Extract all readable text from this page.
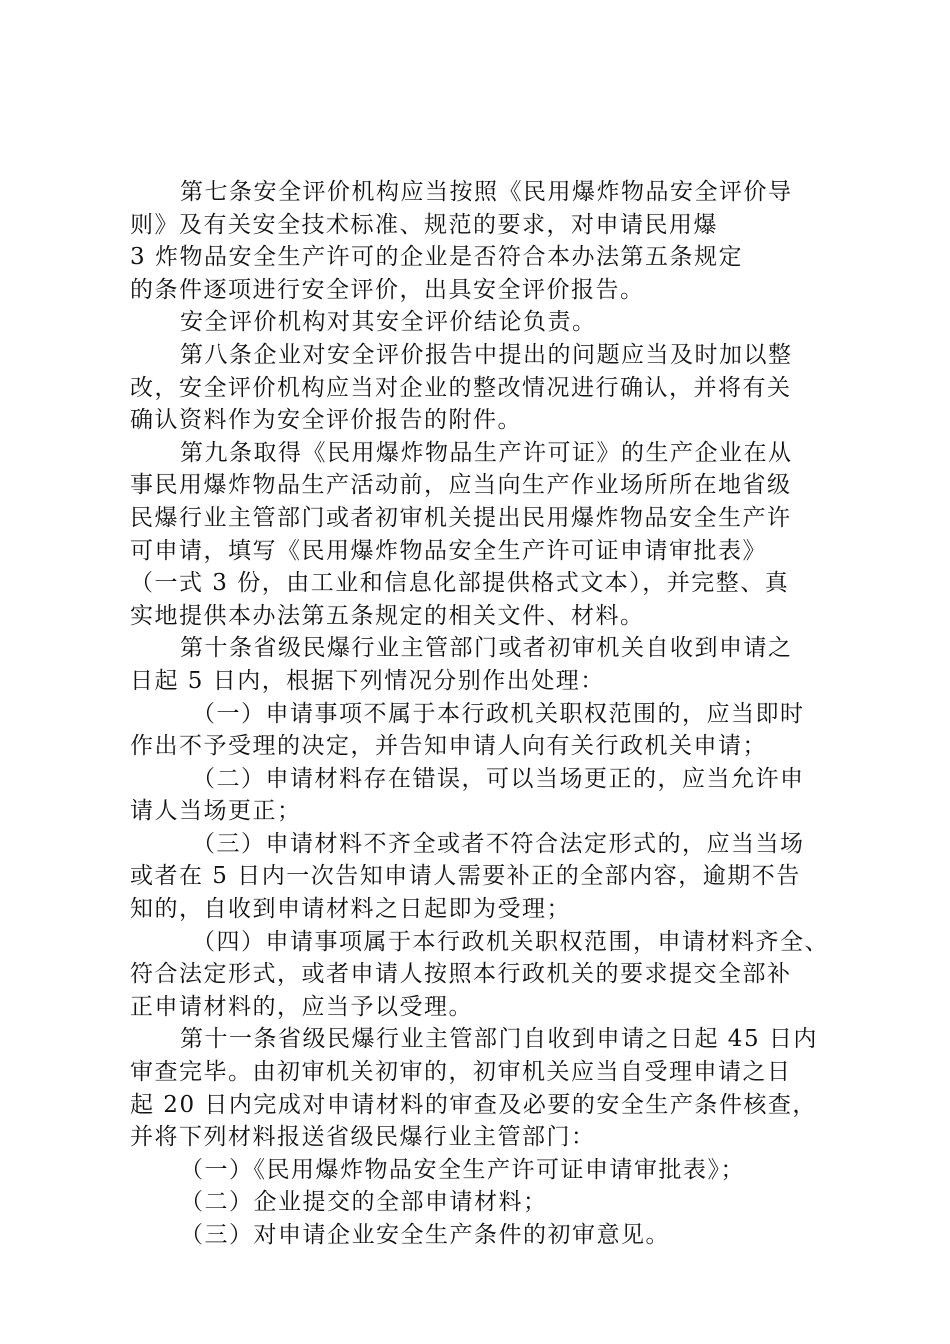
第七条安全评价机构应当按照《民用爆炸物品安全评价导
则》及有关安全技术标准、规范的要求，对申请民用爆
3 炸物品安全生产许可的企业是否符合本办法第五条规定
的条件逐项进行安全评价，出具安全评价报告。
安全评价机构对其安全评价结论负责。
第八条企业对安全评价报告中提出的问题应当及时加以整
改，安全评价机构应当对企业的整改情况进行确认，并将有关
确认资料作为安全评价报告的附件。
第九条取得《民用爆炸物品生产许可证》的生产企业在从
事民用爆炸物品生产活动前，应当向生产作业场所所在地省级
民爆行业主管部门或者初审机关提出民用爆炸物品安全生产许
可申请，填写《民用爆炸物品安全生产许可证申请审批表》
（一式 3 份，由工业和信息化部提供格式文本），并完整、真
实地提供本办法第五条规定的相关文件、材料。
第十条省级民爆行业主管部门或者初审机关自收到申请之
日起 5 日内，根据下列情况分别作出处理：
（一）申请事项不属于本行政机关职权范围的，应当即时
作出不予受理的决定，并告知申请人向有关行政机关申请；
（二）申请材料存在错误，可以当场更正的，应当允许申
请人当场更正；
（三）申请材料不齐全或者不符合法定形式的，应当当场
或者在 5 日内一次告知申请人需要补正的全部内容，逾期不告
知的，自收到申请材料之日起即为受理；
（四）申请事项属于本行政机关职权范围，申请材料齐全、
符合法定形式，或者申请人按照本行政机关的要求提交全部补
正申请材料的，应当予以受理。
第十一条省级民爆行业主管部门自收到申请之日起 45 日内
审查完毕。由初审机关初审的，初审机关应当自受理申请之日
起 20 日内完成对申请材料的审查及必要的安全生产条件核查，
并将下列材料报送省级民爆行业主管部门：
（一）《民用爆炸物品安全生产许可证申请审批表》；
（二）企业提交的全部申请材料；
（三）对申请企业安全生产条件的初审意见。
